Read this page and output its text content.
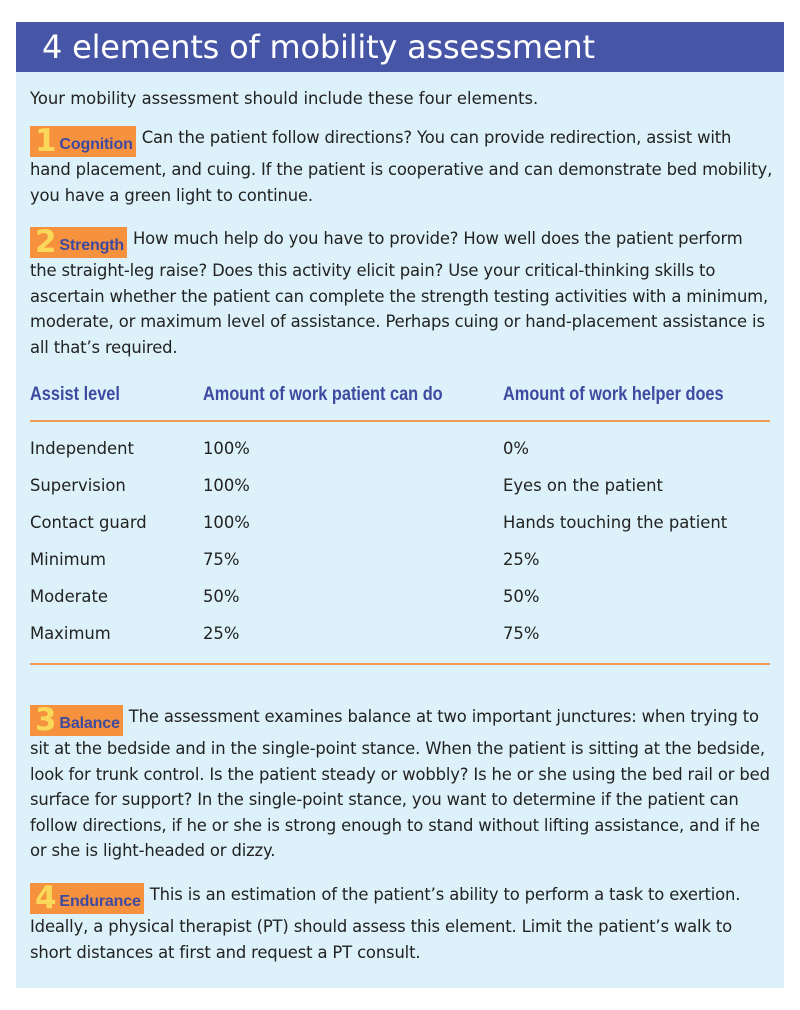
4 elements of mobility assessment

Your mobility assessment should include these four elements.

1 Cognition Can the patient follow directions? You can provide redirection, assist with hand placement, and cuing. If the patient is cooperative and can demonstrate bed mobility, you have a green light to continue.

2 Strength How much help do you have to provide? How well does the patient perform the straight-leg raise? Does this activity elicit pain? Use your critical-thinking skills to ascertain whether the patient can complete the strength testing activities with a minimum, moderate, or maximum level of assistance. Perhaps cuing or hand-placement assistance is all that’s required.

Assist level	Amount of work patient can do	Amount of work helper does
Independent	100%	0%
Supervision	100%	Eyes on the patient
Contact guard	100%	Hands touching the patient
Minimum	75%	25%
Moderate	50%	50%
Maximum	25%	75%

3 Balance The assessment examines balance at two important junctures: when trying to sit at the bedside and in the single-point stance. When the patient is sitting at the bedside, look for trunk control. Is the patient steady or wobbly? Is he or she using the bed rail or bed surface for support? In the single-point stance, you want to determine if the patient can follow directions, if he or she is strong enough to stand without lifting assistance, and if he or she is light-headed or dizzy.

4 Endurance This is an estimation of the patient’s ability to perform a task to exertion. Ideally, a physical therapist (PT) should assess this element. Limit the patient’s walk to short distances at first and request a PT consult.
